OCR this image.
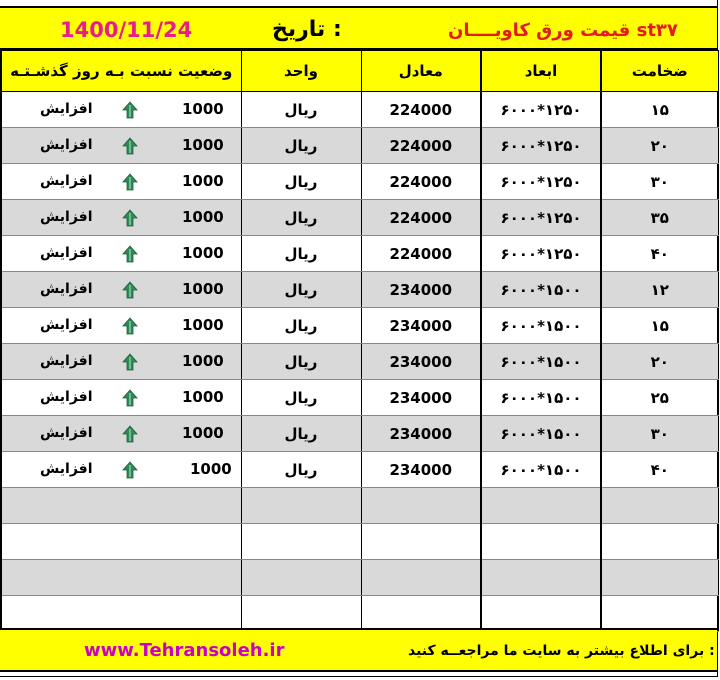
1400/11/24	تاریخ :	قیمت ورق کاویــــان st۳۷
وضعیت نسبت بـه روز گذشـتـه	واحد	معادل	ابعاد	ضخامت

افزایش 1000	ریال	224000	۶۰۰۰*۱۲۵۰	۱۵

افزایش 1000	ریال	224000	۶۰۰۰*۱۲۵۰	۲۰

افزایش 1000	ریال	224000	۶۰۰۰*۱۲۵۰	۳۰

افزایش 1000	ریال	224000	۶۰۰۰*۱۲۵۰	۳۵

افزایش 1000	ریال	224000	۶۰۰۰*۱۲۵۰	۴۰

افزایش 1000	ریال	234000	۶۰۰۰*۱۵۰۰	۱۲

افزایش 1000	ریال	234000	۶۰۰۰*۱۵۰۰	۱۵

افزایش 1000	ریال	234000	۶۰۰۰*۱۵۰۰	۲۰

افزایش 1000	ریال	234000	۶۰۰۰*۱۵۰۰	۲۵

افزایش 1000	ریال	234000	۶۰۰۰*۱۵۰۰	۳۰

افزایش 1000	ریال	234000	۶۰۰۰*۱۵۰۰	۴۰

www.Tehransoleh.ir	برای اطلاع بیشتر به سایت ما مراجعــه کنید :
